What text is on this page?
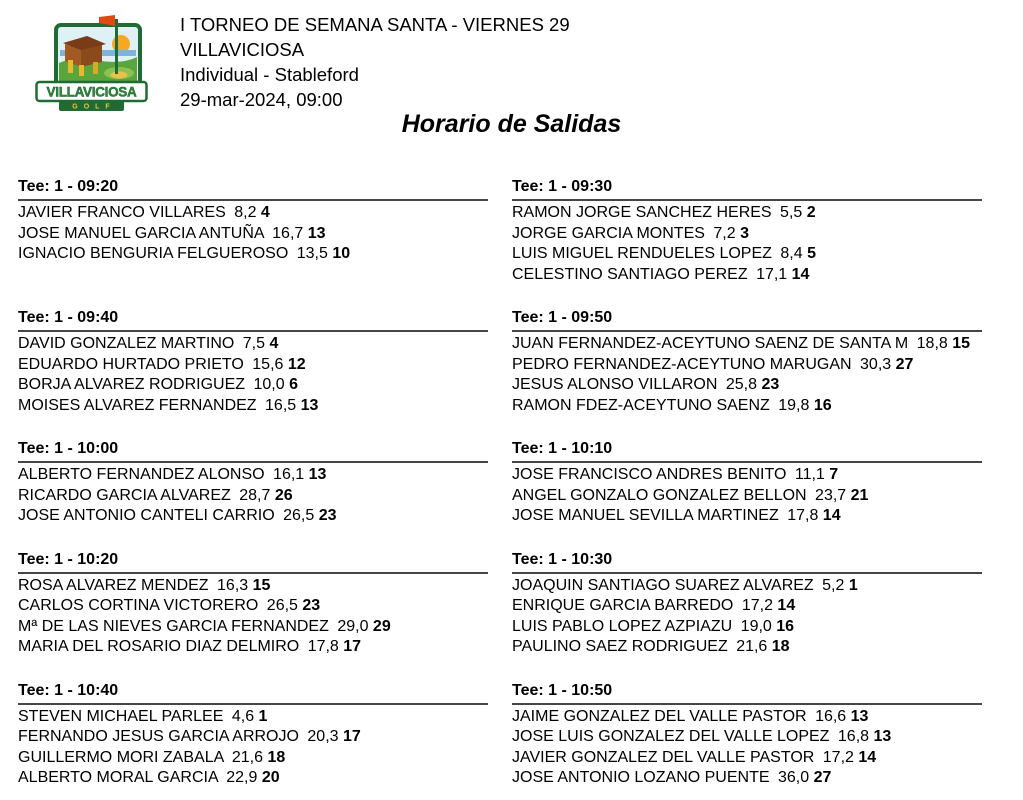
VILLAVICIOSA
GOLF
I TORNEO DE SEMANA SANTA - VIERNES 29
VILLAVICIOSA
Individual - Stableford
29-mar-2024, 09:00
Horario de Salidas
Tee: 1 - 09:20
JAVIER FRANCO VILLARES 8,2 4
JOSE MANUEL GARCIA ANTUÑA 16,7 13
IGNACIO BENGURIA FELGUEROSO 13,5 10
Tee: 1 - 09:30
RAMON JORGE SANCHEZ HERES 5,5 2
JORGE GARCIA MONTES 7,2 3
LUIS MIGUEL RENDUELES LOPEZ 8,4 5
CELESTINO SANTIAGO PEREZ 17,1 14
Tee: 1 - 09:40
DAVID GONZALEZ MARTINO 7,5 4
EDUARDO HURTADO PRIETO 15,6 12
BORJA ALVAREZ RODRIGUEZ 10,0 6
MOISES ALVAREZ FERNANDEZ 16,5 13
Tee: 1 - 09:50
JUAN FERNANDEZ-ACEYTUNO SAENZ DE SANTA M 18,8 15
PEDRO FERNANDEZ-ACEYTUNO MARUGAN 30,3 27
JESUS ALONSO VILLARON 25,8 23
RAMON FDEZ-ACEYTUNO SAENZ 19,8 16
Tee: 1 - 10:00
ALBERTO FERNANDEZ ALONSO 16,1 13
RICARDO GARCIA ALVAREZ 28,7 26
JOSE ANTONIO CANTELI CARRIO 26,5 23
Tee: 1 - 10:10
JOSE FRANCISCO ANDRES BENITO 11,1 7
ANGEL GONZALO GONZALEZ BELLON 23,7 21
JOSE MANUEL SEVILLA MARTINEZ 17,8 14
Tee: 1 - 10:20
ROSA ALVAREZ MENDEZ 16,3 15
CARLOS CORTINA VICTORERO 26,5 23
Mª DE LAS NIEVES GARCIA FERNANDEZ 29,0 29
MARIA DEL ROSARIO DIAZ DELMIRO 17,8 17
Tee: 1 - 10:30
JOAQUIN SANTIAGO SUAREZ ALVAREZ 5,2 1
ENRIQUE GARCIA BARREDO 17,2 14
LUIS PABLO LOPEZ AZPIAZU 19,0 16
PAULINO SAEZ RODRIGUEZ 21,6 18
Tee: 1 - 10:40
STEVEN MICHAEL PARLEE 4,6 1
FERNANDO JESUS GARCIA ARROJO 20,3 17
GUILLERMO MORI ZABALA 21,6 18
ALBERTO MORAL GARCIA 22,9 20
Tee: 1 - 10:50
JAIME GONZALEZ DEL VALLE PASTOR 16,6 13
JOSE LUIS GONZALEZ DEL VALLE LOPEZ 16,8 13
JAVIER GONZALEZ DEL VALLE PASTOR 17,2 14
JOSE ANTONIO LOZANO PUENTE 36,0 27
